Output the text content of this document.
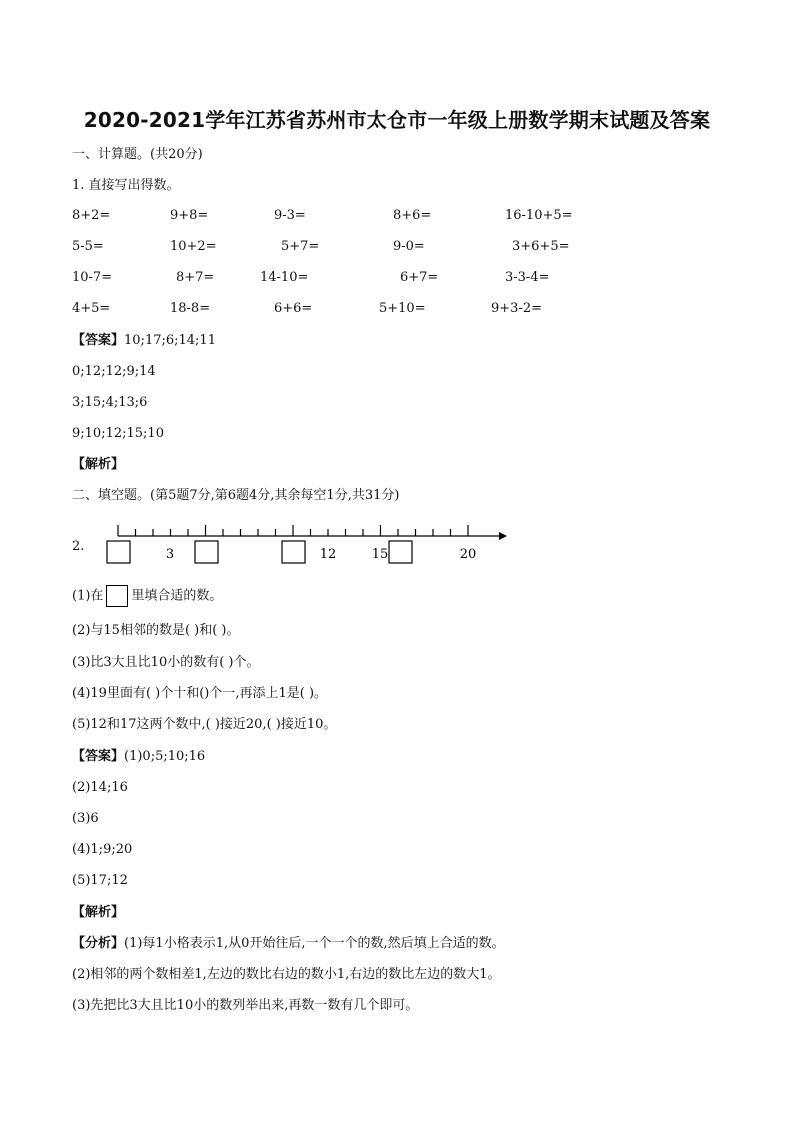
2020-2021学年江苏省苏州市太仓市一年级上册数学期末试题及答案
一、计算题。(共20分)
1. 直接写出得数。
8+2=	9+8=	9-3=	8+6=	16-10+5=
5-5=	10+2=	5+7=	9-0=	3+6+5=
10-7=	8+7=	14-10=	6+7=	3-3-4=
4+5=	18-8=	6+6=	5+10=	9+3-2=
【答案】10;17;6;14;11
0;12;12;9;14
3;15;4;13;6
9;10;12;15;10
【解析】
二、填空题。(第5题7分,第6题4分,其余每空1分,共31分)
2.
3	12	15	20
(1)在 里填合适的数。
(2)与15相邻的数是( )和( )。
(3)比3大且比10小的数有( )个。
(4)19里面有( )个十和()个一,再添上1是( )。
(5)12和17这两个数中,( )接近20,( )接近10。
【答案】(1)0;5;10;16
(2)14;16
(3)6
(4)1;9;20
(5)17;12
【解析】
【分析】(1)每1小格表示1,从0开始往后,一个一个的数,然后填上合适的数。
(2)相邻的两个数相差1,左边的数比右边的数小1,右边的数比左边的数大1。
(3)先把比3大且比10小的数列举出来,再数一数有几个即可。
